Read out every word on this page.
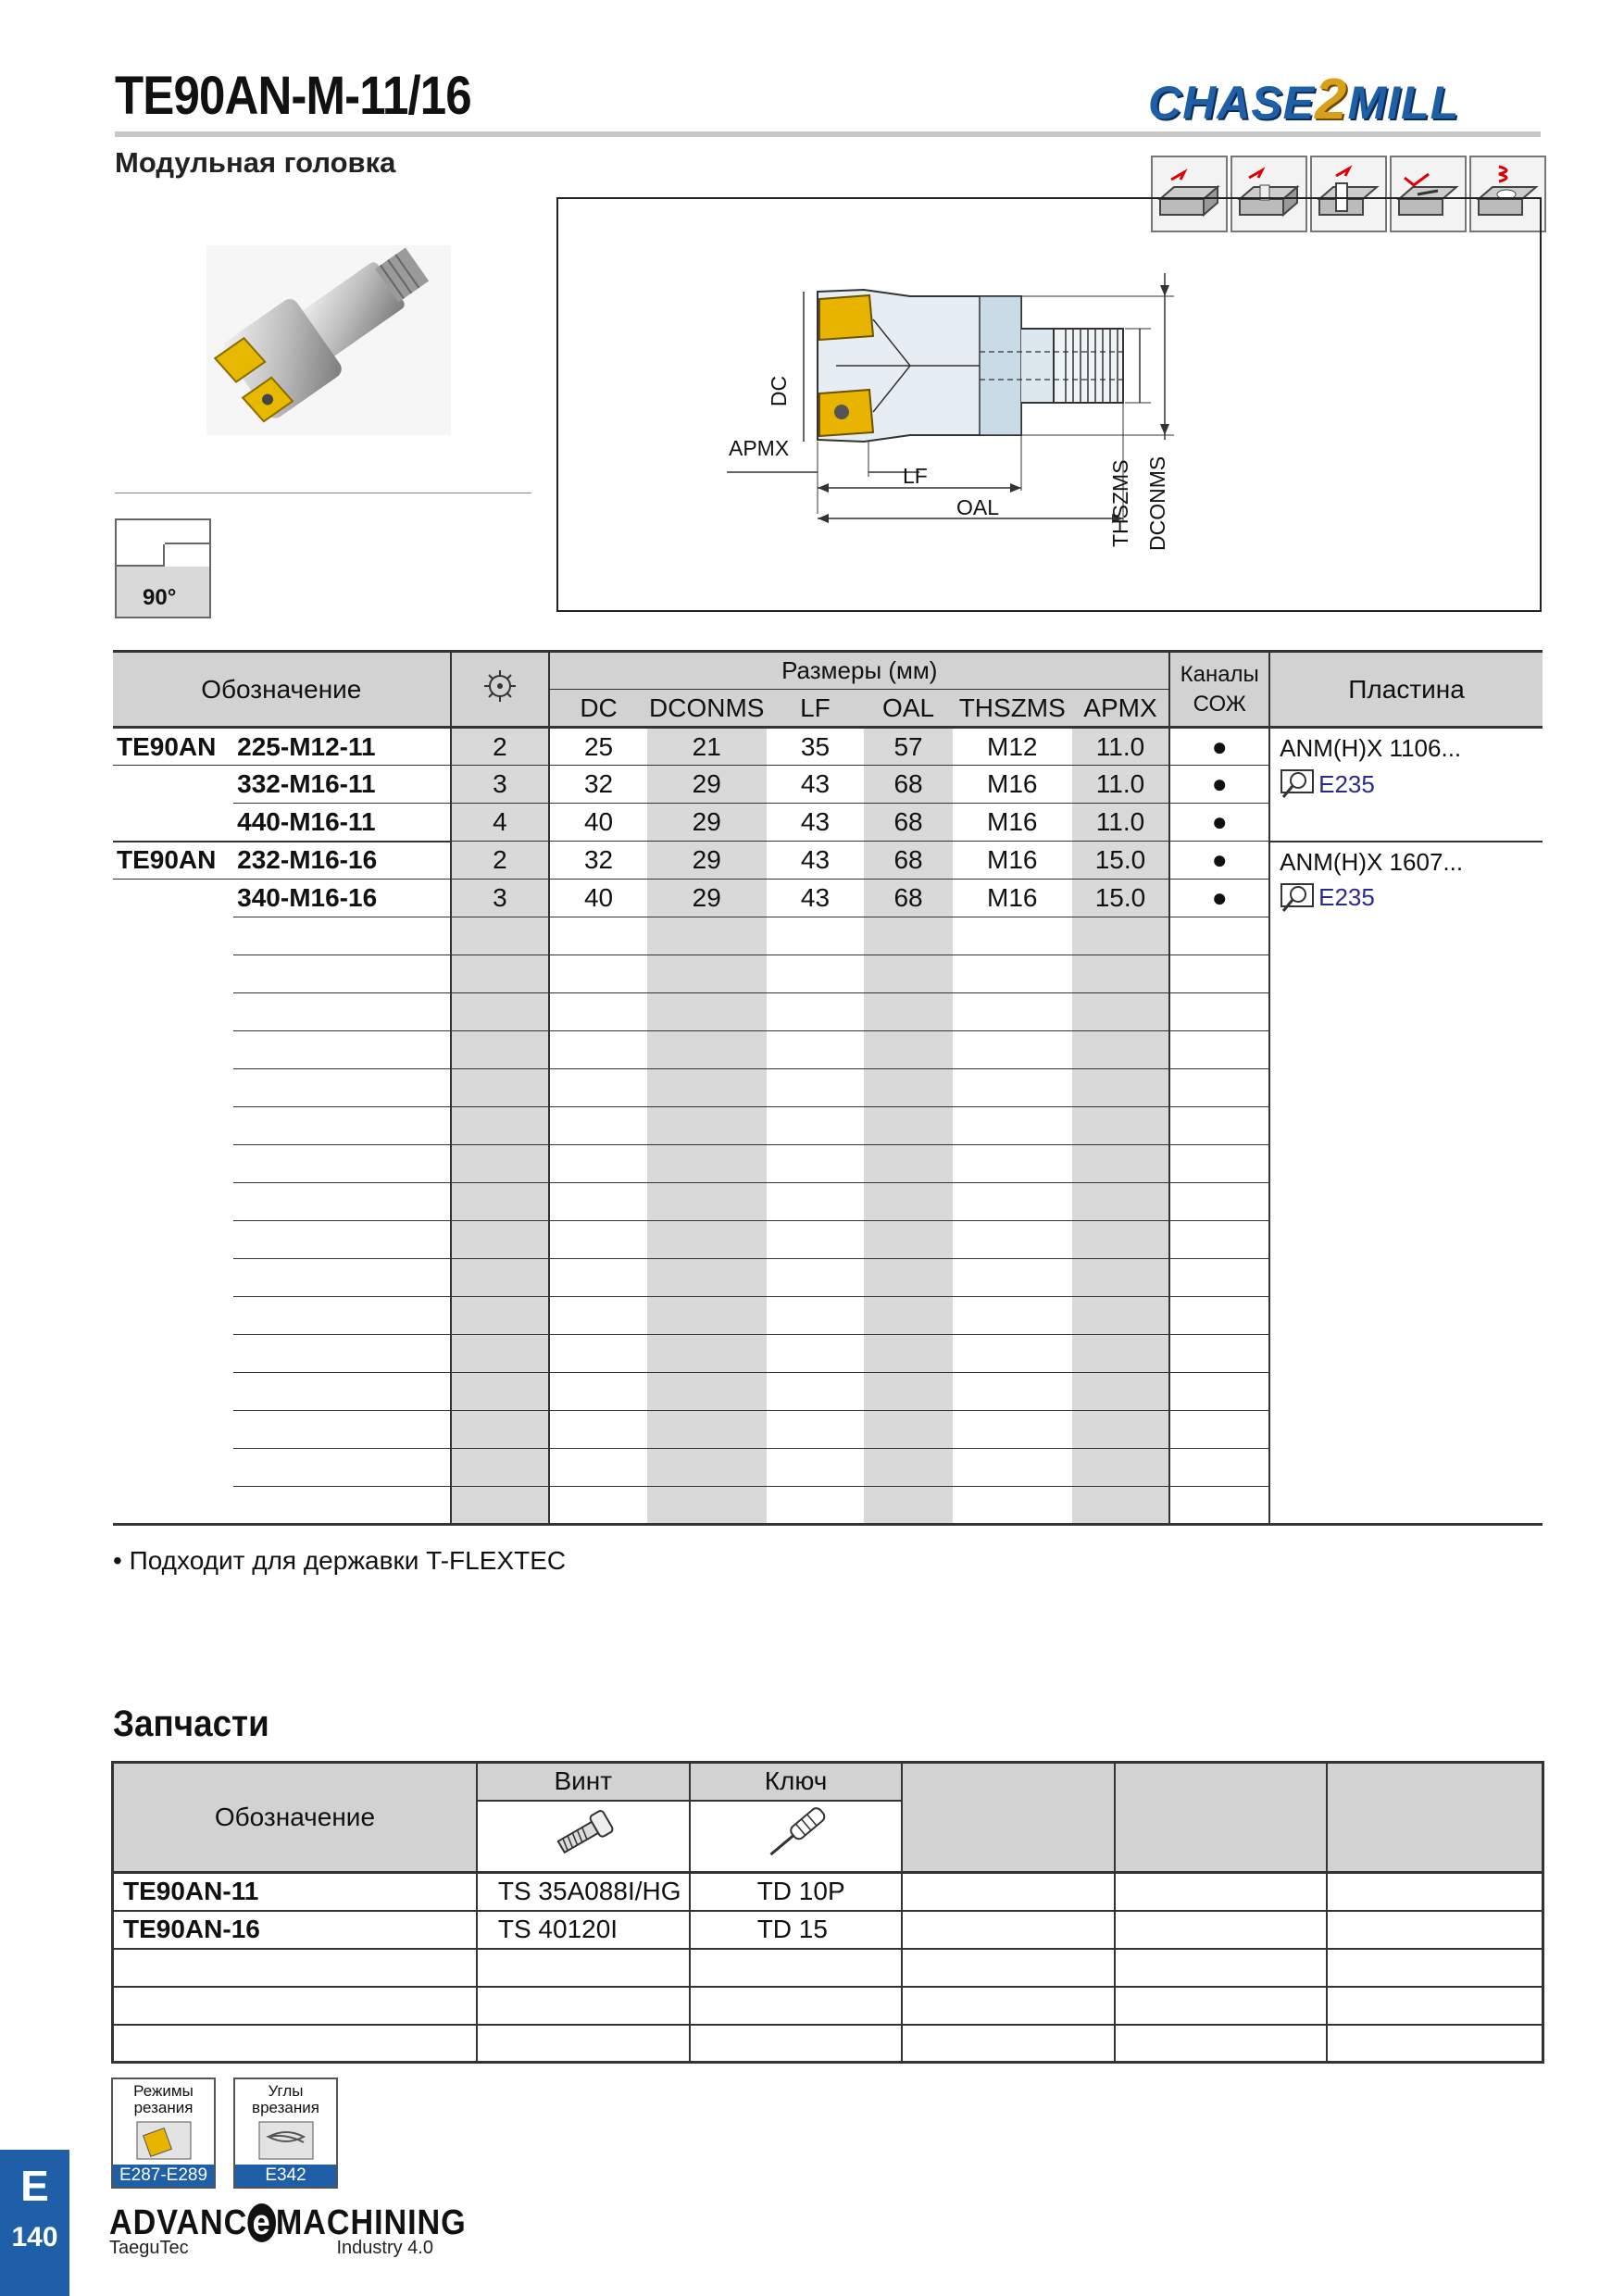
TE90AN-M-11/16
Модульная головка
CHASE2MILL
90°
DC
APMX
LF
OAL	THSZMS DCONMS
Обозначение			Размеры (мм)						Каналы СОЖ	Пластина
			DC	DCONMS	LF	OAL	THSZMS	APMX		
TE90AN	225-M12-11	2	25	21	35	57	M12	11.0	●	ANM(H)X 1106...
E235

	332-M16-11	3	32	29	43	68	M16	11.0	●	
	440-M16-11	4	40	29	43	68	M16	11.0	●	
TE90AN	232-M16-16	2	32	29	43	68	M16	15.0	●	ANM(H)X 1607...
E235

	340-M16-16	3	40	29	43	68	M16	15.0	●	

• Подходит для державки T-FLEXTEC
Запчасти
Обозначение	Винт	Ключ			

TE90AN-11	TS 35A088I/HG	TD 10P			
TE90AN-16	TS 40120I	TD 15			

Режимы резания
E287-E289
Углы врезания
E342
E
140	ADVANC e MACHINING
TaeguTec	Industry 4.0
